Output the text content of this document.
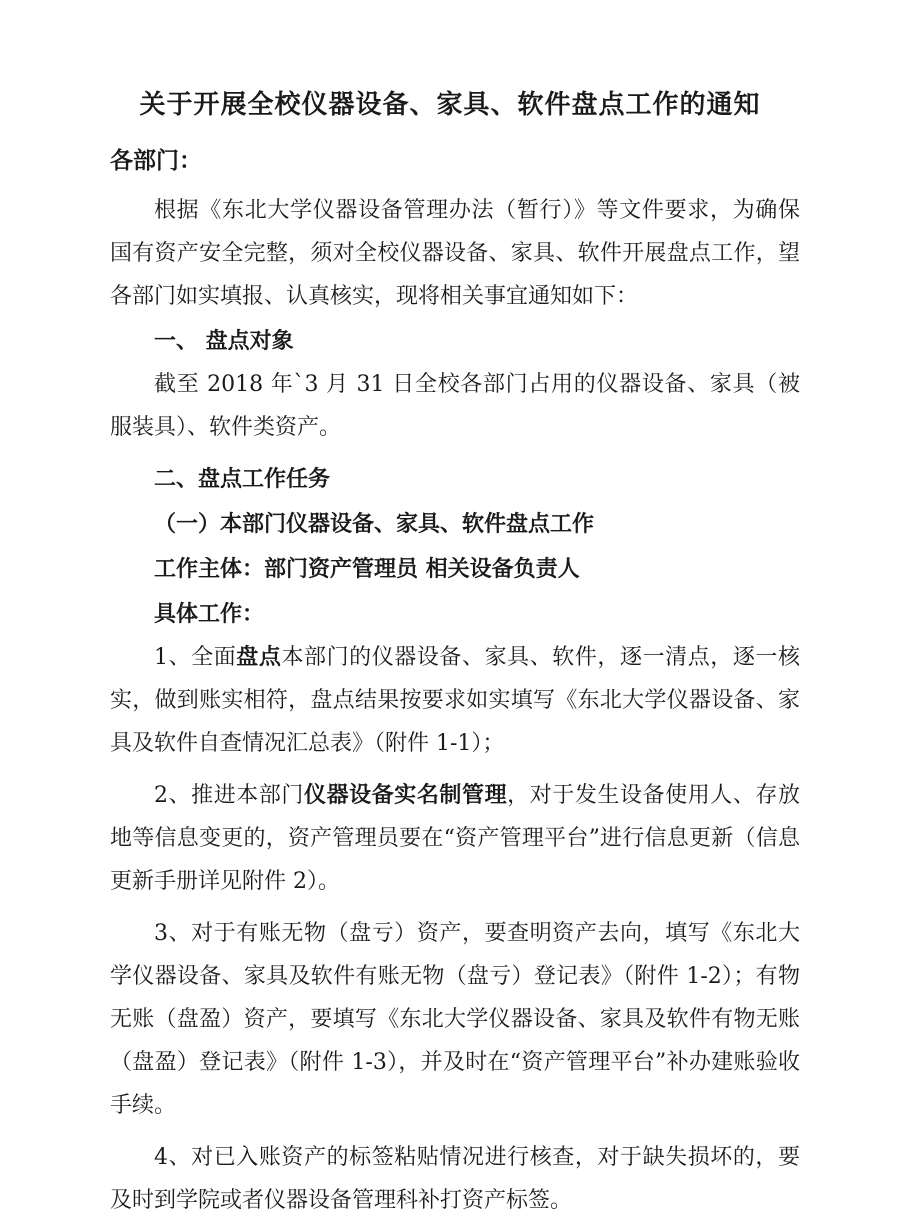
关于开展全校仪器设备、家具、软件盘点工作的通知
各部门：

根据《东北大学仪器设备管理办法（暂行）》等文件要求，为确保国有资产安全完整，须对全校仪器设备、家具、软件开展盘点工作，望各部门如实填报、认真核实，现将相关事宜通知如下：

一、 盘点对象

截至 2018 年`3 月 31 日全校各部门占用的仪器设备、家具（被服装具）、软件类资产。

二、盘点工作任务

（一）本部门仪器设备、家具、软件盘点工作

工作主体：部门资产管理员 相关设备负责人

具体工作：

1、全面盘点本部门的仪器设备、家具、软件，逐一清点，逐一核实，做到账实相符，盘点结果按要求如实填写《东北大学仪器设备、家具及软件自查情况汇总表》（附件 1-1）；

2、推进本部门仪器设备实名制管理，对于发生设备使用人、存放地等信息变更的，资产管理员要在“资产管理平台”进行信息更新（信息更新手册详见附件 2）。

3、对于有账无物（盘亏）资产，要查明资产去向，填写《东北大学仪器设备、家具及软件有账无物（盘亏）登记表》（附件 1-2）；有物无账（盘盈）资产，要填写《东北大学仪器设备、家具及软件有物无账（盘盈）登记表》（附件 1-3），并及时在“资产管理平台”补办建账验收手续。

4、对已入账资产的标签粘贴情况进行核查，对于缺失损坏的，要及时到学院或者仪器设备管理科补打资产标签。
